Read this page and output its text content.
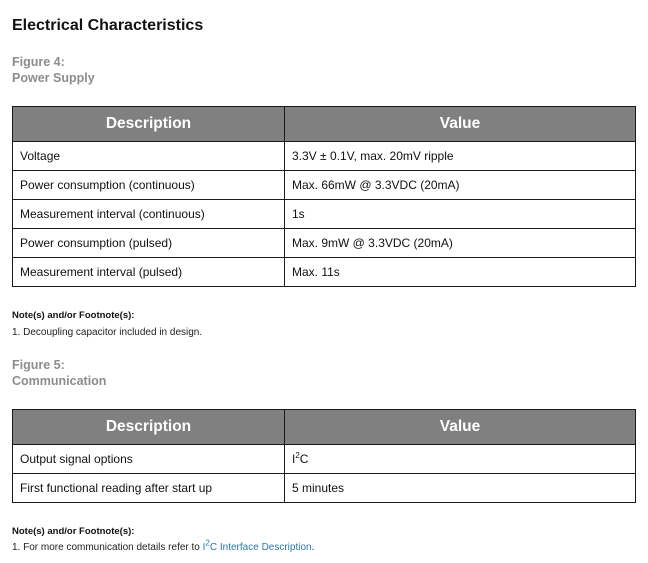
Electrical Characteristics
Figure 4:
Power Supply
Description	Value
Voltage	3.3V ± 0.1V, max. 20mV ripple
Power consumption (continuous)	Max. 66mW @ 3.3VDC (20mA)
Measurement interval (continuous)	1s
Power consumption (pulsed)	Max. 9mW @ 3.3VDC (20mA)
Measurement interval (pulsed)	Max. 11s
Note(s) and/or Footnote(s):
1. Decoupling capacitor included in design.
Figure 5:
Communication
Description	Value
Output signal options	$I^2C$
First functional reading after start up	5 minutes
Note(s) and/or Footnote(s):
1. For more communication details refer to $I^2C$ Interface Description.
